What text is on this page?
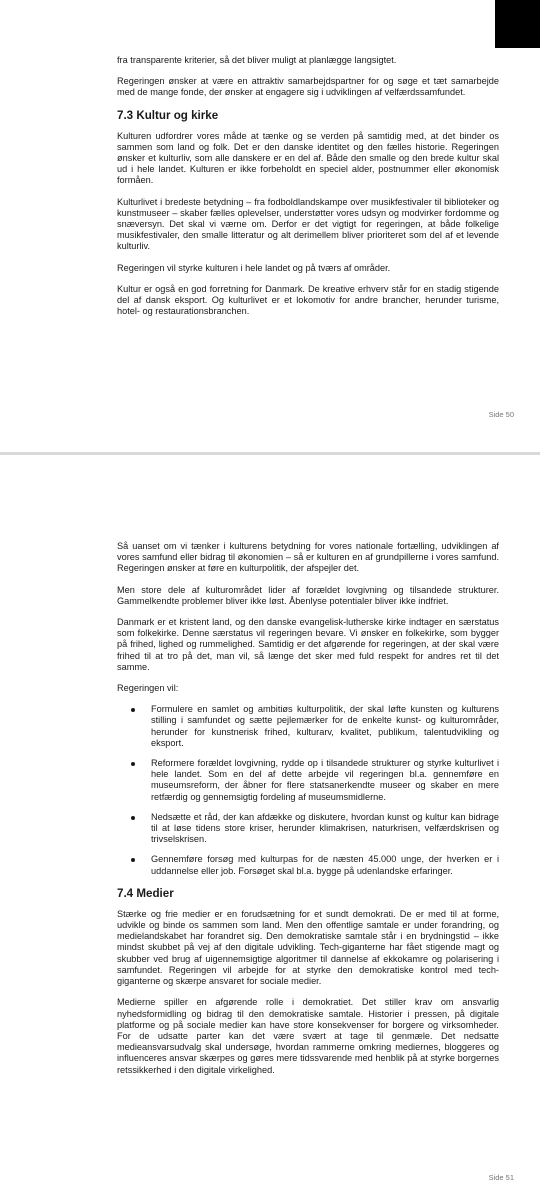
fra transparente kriterier, så det bliver muligt at planlægge langsigtet.

Regeringen ønsker at være en attraktiv samarbejdspartner for og søge et tæt samarbejde med de mange fonde, der ønsker at engagere sig i udviklingen af velfærdssamfundet.

7.3 Kultur og kirke

Kulturen udfordrer vores måde at tænke og se verden på samtidig med, at det binder os sammen som land og folk. Det er den danske identitet og den fælles historie. Regeringen ønsker et kulturliv, som alle danskere er en del af. Både den smalle og den brede kultur skal ud i hele landet. Kulturen er ikke forbeholdt en speciel alder, postnummer eller økonomisk formåen.

Kulturlivet i bredeste betydning – fra fodboldlandskampe over musikfestivaler til biblioteker og kunstmuseer – skaber fælles oplevelser, understøtter vores udsyn og modvirker fordomme og snæversyn. Det skal vi værne om. Derfor er det vigtigt for regeringen, at både folkelige musikfestivaler, den smalle litteratur og alt derimellem bliver prioriteret som del af et levende kulturliv.

Regeringen vil styrke kulturen i hele landet og på tværs af områder.

Kultur er også en god forretning for Danmark. De kreative erhverv står for en stadig stigende del af dansk eksport. Og kulturlivet er et lokomotiv for andre brancher, herunder turisme, hotel- og restaurationsbranchen.

Side 50

Så uanset om vi tænker i kulturens betydning for vores nationale fortælling, udviklingen af vores samfund eller bidrag til økonomien – så er kulturen en af grundpillerne i vores samfund. Regeringen ønsker at føre en kulturpolitik, der afspejler det.

Men store dele af kulturområdet lider af forældet lovgivning og tilsandede strukturer. Gammelkendte problemer bliver ikke løst. Åbenlyse potentialer bliver ikke indfriet.

Danmark er et kristent land, og den danske evangelisk-lutherske kirke indtager en særstatus som folkekirke. Denne særstatus vil regeringen bevare. Vi ønsker en folkekirke, som bygger på frihed, lighed og rummelighed. Samtidig er det afgørende for regeringen, at der skal være frihed til at tro på det, man vil, så længe det sker med fuld respekt for andres ret til det samme.

Regeringen vil:

Formulere en samlet og ambitiøs kulturpolitik, der skal løfte kunsten og kulturens stilling i samfundet og sætte pejlemærker for de enkelte kunst- og kulturområder, herunder for kunstnerisk frihed, kulturarv, kvalitet, publikum, talentudvikling og eksport.

Reformere forældet lovgivning, rydde op i tilsandede strukturer og styrke kulturlivet i hele landet. Som en del af dette arbejde vil regeringen bl.a. gennemføre en museumsreform, der åbner for flere statsanerkendte museer og skaber en mere retfærdig og gennemsigtig fordeling af museumsmidlerne.

Nedsætte et råd, der kan afdække og diskutere, hvordan kunst og kultur kan bidrage til at løse tidens store kriser, herunder klimakrisen, naturkrisen, velfærdskrisen og trivselskrisen.

Gennemføre forsøg med kulturpas for de næsten 45.000 unge, der hverken er i uddannelse eller job. Forsøget skal bl.a. bygge på udenlandske erfaringer.

7.4 Medier

Stærke og frie medier er en forudsætning for et sundt demokrati. De er med til at forme, udvikle og binde os sammen som land. Men den offentlige samtale er under forandring, og medielandskabet har forandret sig. Den demokratiske samtale står i en brydningstid – ikke mindst skubbet på vej af den digitale udvikling. Tech-giganterne har fået stigende magt og skubber ved brug af uigennemsigtige algoritmer til dannelse af ekkokamre og polarisering i samfundet. Regeringen vil arbejde for at styrke den demokratiske kontrol med tech-giganterne og skærpe ansvaret for sociale medier.

Medierne spiller en afgørende rolle i demokratiet. Det stiller krav om ansvarlig nyhedsformidling og bidrag til den demokratiske samtale. Historier i pressen, på digitale platforme og på sociale medier kan have store konsekvenser for borgere og virksomheder. For de udsatte parter kan det være svært at tage til genmæle. Det nedsatte medieansvarsudvalg skal undersøge, hvordan rammerne omkring mediernes, bloggeres og influenceres ansvar skærpes og gøres mere tidssvarende med henblik på at styrke borgernes retssikkerhed i den digitale virkelighed.

Side 51
